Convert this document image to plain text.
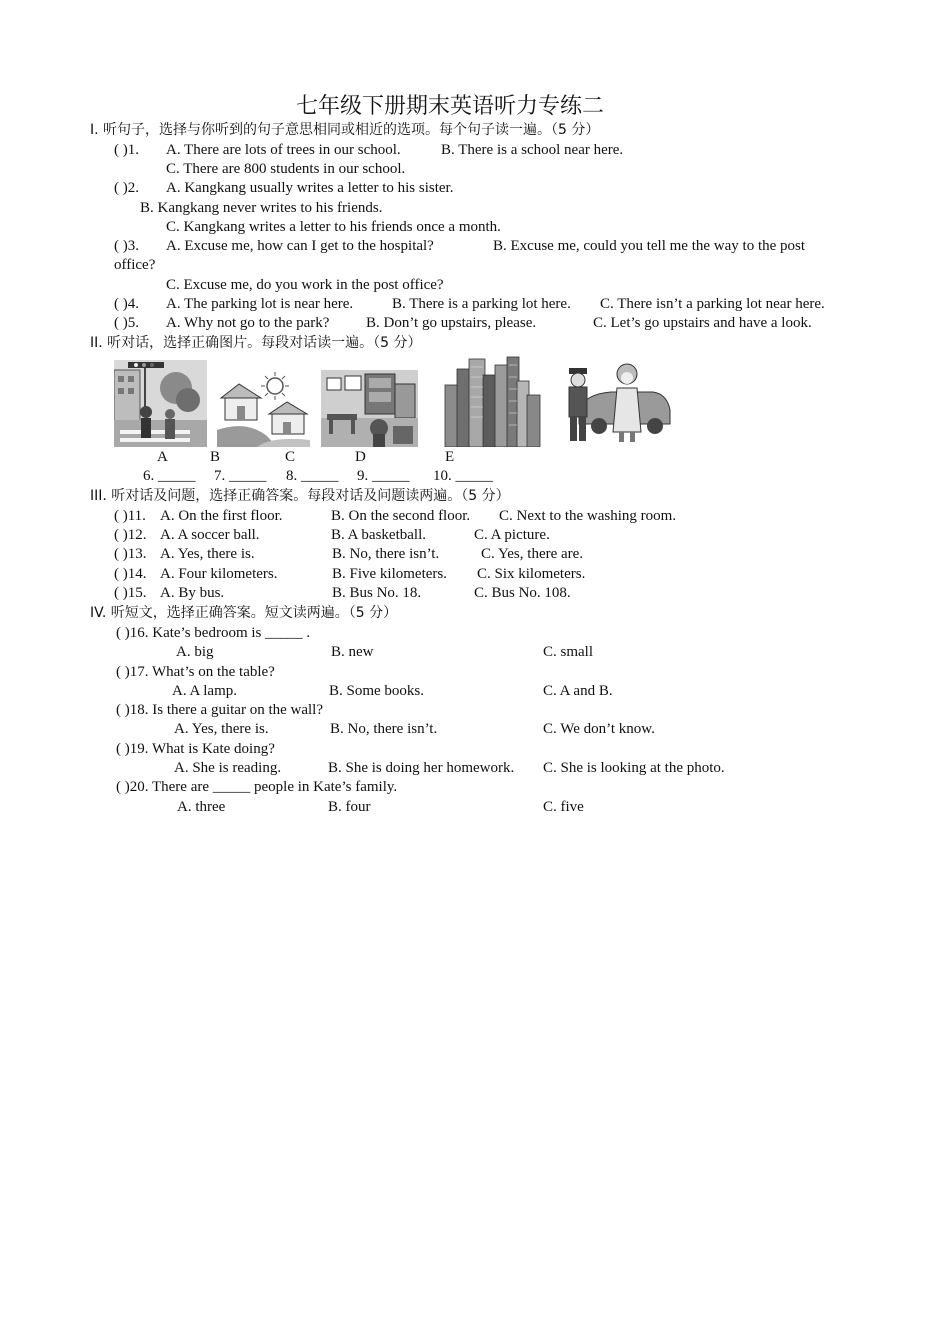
七年级下册期末英语听力专练二
I. 听句子，选择与你听到的句子意思相同或相近的选项。每个句子读一遍。（5 分）
( )1. A. There are lots of trees in our school.	B. There is a school near here.
C. There are 800 students in our school.
( )2. A. Kangkang usually writes a letter to his sister.
B. Kangkang never writes to his friends.
C. Kangkang writes a letter to his friends once a month.
( )3. A. Excuse me, how can I get to the hospital?	B. Excuse me, could you tell me the way to the post
office?
C. Excuse me, do you work in the post office?
( )4. A. The parking lot is near here.	B. There is a parking lot here. C. There isn’t a parking lot near here.
( )5. A. Why not go to the park? B. Don’t go upstairs, please.	C. Let’s go upstairs and have a look.
II. 听对话，选择正确图片。每段对话读一遍。（5 分）
A	B	C	D	E
6. _____ 7. _____ 8. _____ 9. _____ 10. _____
III. 听对话及问题，选择正确答案。每段对话及问题读两遍。（5 分）
( )11. A. On the first floor.	B. On the second floor. C. Next to the washing room.
( )12. A. A soccer ball.	B. A basketball.	C. A picture.
( )13. A. Yes, there is.	B. No, there isn’t.	C. Yes, there are.
( )14. A. Four kilometers.	B. Five kilometers. C. Six kilometers.
( )15. A. By bus.	B. Bus No. 18.	C. Bus No. 108.
IV. 听短文，选择正确答案。短文读两遍。（5 分）
( )16. Kate’s bedroom is _____ .
A. big	B. new	C. small
( )17. What’s on the table?
A. A lamp.	B. Some books.	C. A and B.
( )18. Is there a guitar on the wall?
A. Yes, there is.	B. No, there isn’t.	C. We don’t know.
( )19. What is Kate doing?
A. She is reading.	B. She is doing her homework. C. She is looking at the photo.
( )20. There are _____ people in Kate’s family.
A. three	B. four	C. five
